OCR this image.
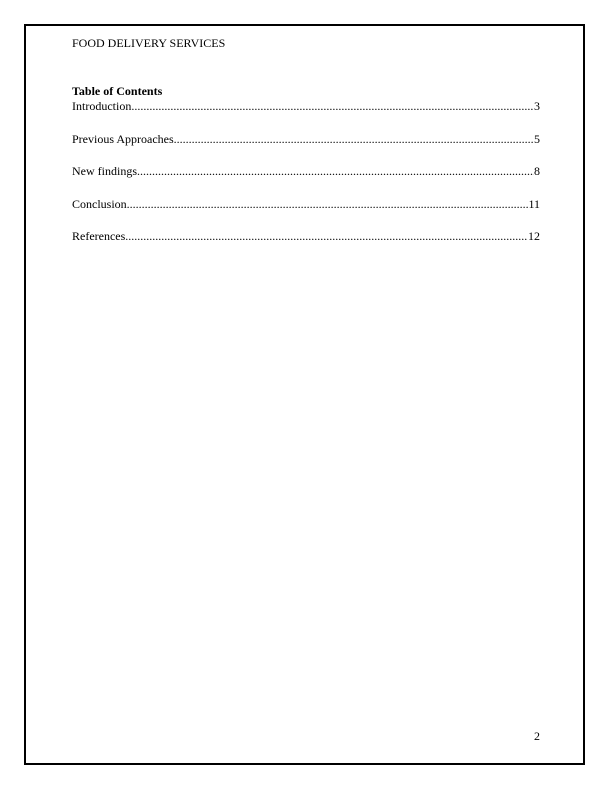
FOOD DELIVERY SERVICES
Table of Contents
Introduction .....	3
Previous Approaches .....	5
New findings .....	8
Conclusion .....	11
References .....	12
2
